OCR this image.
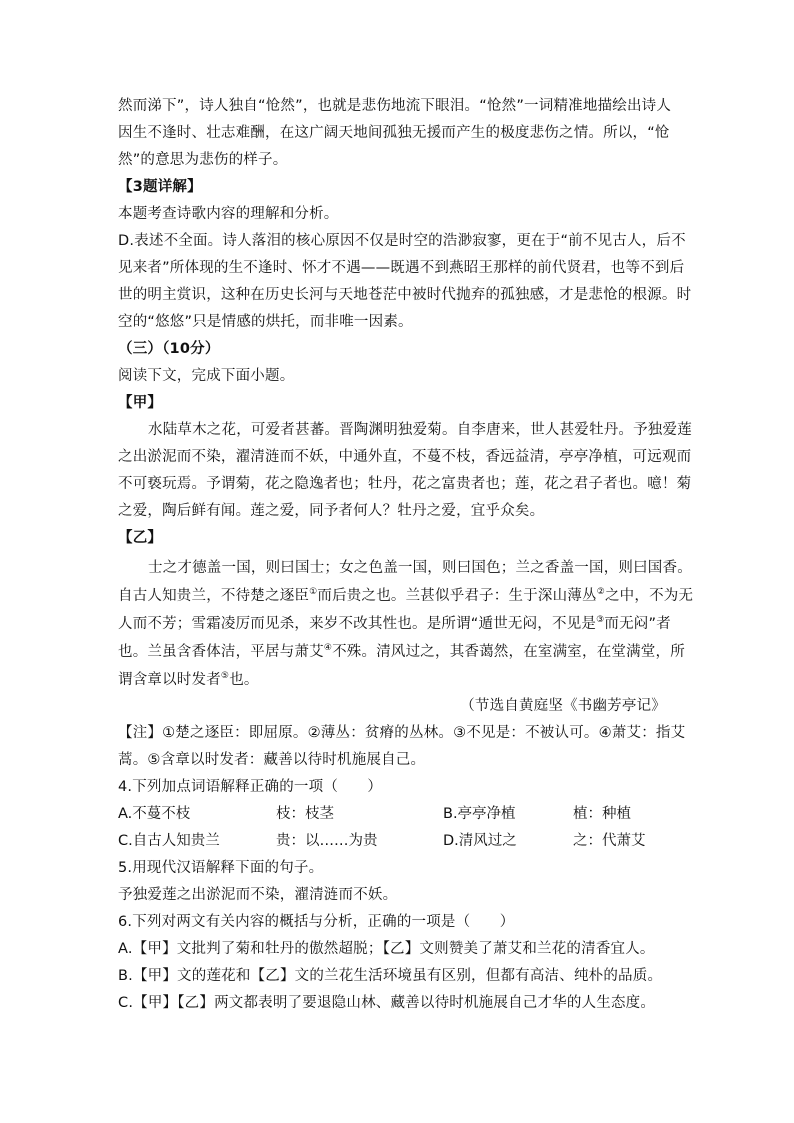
然而涕下”，诗人独自“怆然”，也就是悲伤地流下眼泪。“怆然”一词精准地描绘出诗人
因生不逢时、壮志难酬，在这广阔天地间孤独无援而产生的极度悲伤之情。所以，“怆
然”的意思为悲伤的样子。
【3题详解】
本题考查诗歌内容的理解和分析。
D.表述不全面。诗人落泪的核心原因不仅是时空的浩渺寂寥，更在于“前不见古人，后不
见来者”所体现的生不逢时、怀才不遇——既遇不到燕昭王那样的前代贤君，也等不到后
世的明主赏识，这种在历史长河与天地苍茫中被时代抛弃的孤独感，才是悲怆的根源。时
空的“悠悠”只是情感的烘托，而非唯一因素。
（三）（10分）
阅读下文，完成下面小题。
【甲】
水陆草木之花，可爱者甚蕃。晋陶渊明独爱菊。自李唐来，世人甚爱牡丹。予独爱莲
之出淤泥而不染，濯清涟而不妖，中通外直，不蔓不枝，香远益清，亭亭净植，可远观而
不可亵玩焉。予谓菊，花之隐逸者也；牡丹，花之富贵者也；莲，花之君子者也。噫！菊
之爱，陶后鲜有闻。莲之爱，同予者何人？牡丹之爱，宜乎众矣。
【乙】
士之才德盖一国，则曰国士；女之色盖一国，则曰国色；兰之香盖一国，则曰国香。
自古人知贵兰，不待楚之逐臣①而后贵之也。兰甚似乎君子：生于深山薄丛②之中，不为无
人而不芳；雪霜凌厉而见杀，来岁不改其性也。是所谓“遁世无闷，不见是③而无闷”者
也。兰虽含香体洁，平居与萧艾④不殊。清风过之，其香蔼然，在室满室，在堂满堂，所
谓含章以时发者⑤也。
（节选自黄庭坚《书幽芳亭记》
【注】①楚之逐臣：即屈原。②薄丛：贫瘠的丛林。③不见是：不被认可。④萧艾：指艾
蒿。⑤含章以时发者：藏善以待时机施展自己。
4.下列加点词语解释正确的一项（　　）
A.不蔓不枝	枝：枝茎	B.亭亭净植	植：种植
C.自古人知贵兰	贵：以……为贵	D.清风过之	之：代萧艾
5.用现代汉语解释下面的句子。
予独爱莲之出淤泥而不染，濯清涟而不妖。
6.下列对两文有关内容的概括与分析，正确的一项是（　　）
A.【甲】文批判了菊和牡丹的傲然超脱；【乙】文则赞美了萧艾和兰花的清香宜人。
B.【甲】文的莲花和【乙】文的兰花生活环境虽有区别，但都有高洁、纯朴的品质。
C.【甲】【乙】两文都表明了要退隐山林、藏善以待时机施展自己才华的人生态度。
